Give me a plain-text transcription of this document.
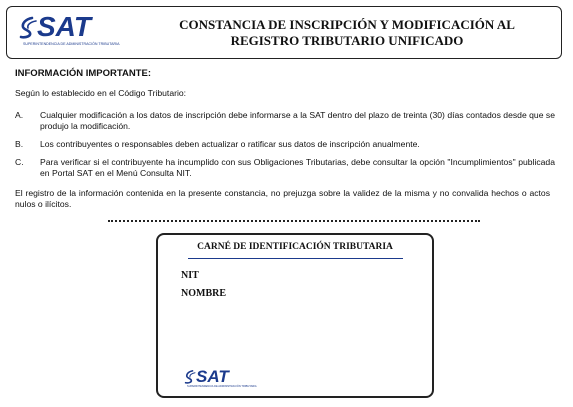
SAT
SUPERINTENDENCIA DE ADMINISTRACIÓN TRIBUTARIA
CONSTANCIA DE INSCRIPCIÓN Y MODIFICACIÓN AL
REGISTRO TRIBUTARIO UNIFICADO
INFORMACIÓN IMPORTANTE:
Según lo establecido en el Código Tributario:
A. Cualquier modificación a los datos de inscripción debe informarse a la SAT dentro del plazo de treinta (30) días contados desde que se produjo la modificación.
B. Los contribuyentes o responsables deben actualizar o ratificar sus datos de inscripción anualmente.
C. Para verificar si el contribuyente ha incumplido con sus Obligaciones Tributarias, debe consultar la opción "Incumplimientos" publicada en Portal SAT en el Menú Consulta NIT.
El registro de la información contenida en la presente constancia, no prejuzga sobre la validez de la misma y no convalida hechos o actos nulos o ilícitos.
CARNÉ DE IDENTIFICACIÓN TRIBUTARIA
NIT
NOMBRE
SAT
SUPERINTENDENCIA DE ADMINISTRACIÓN TRIBUTARIA
